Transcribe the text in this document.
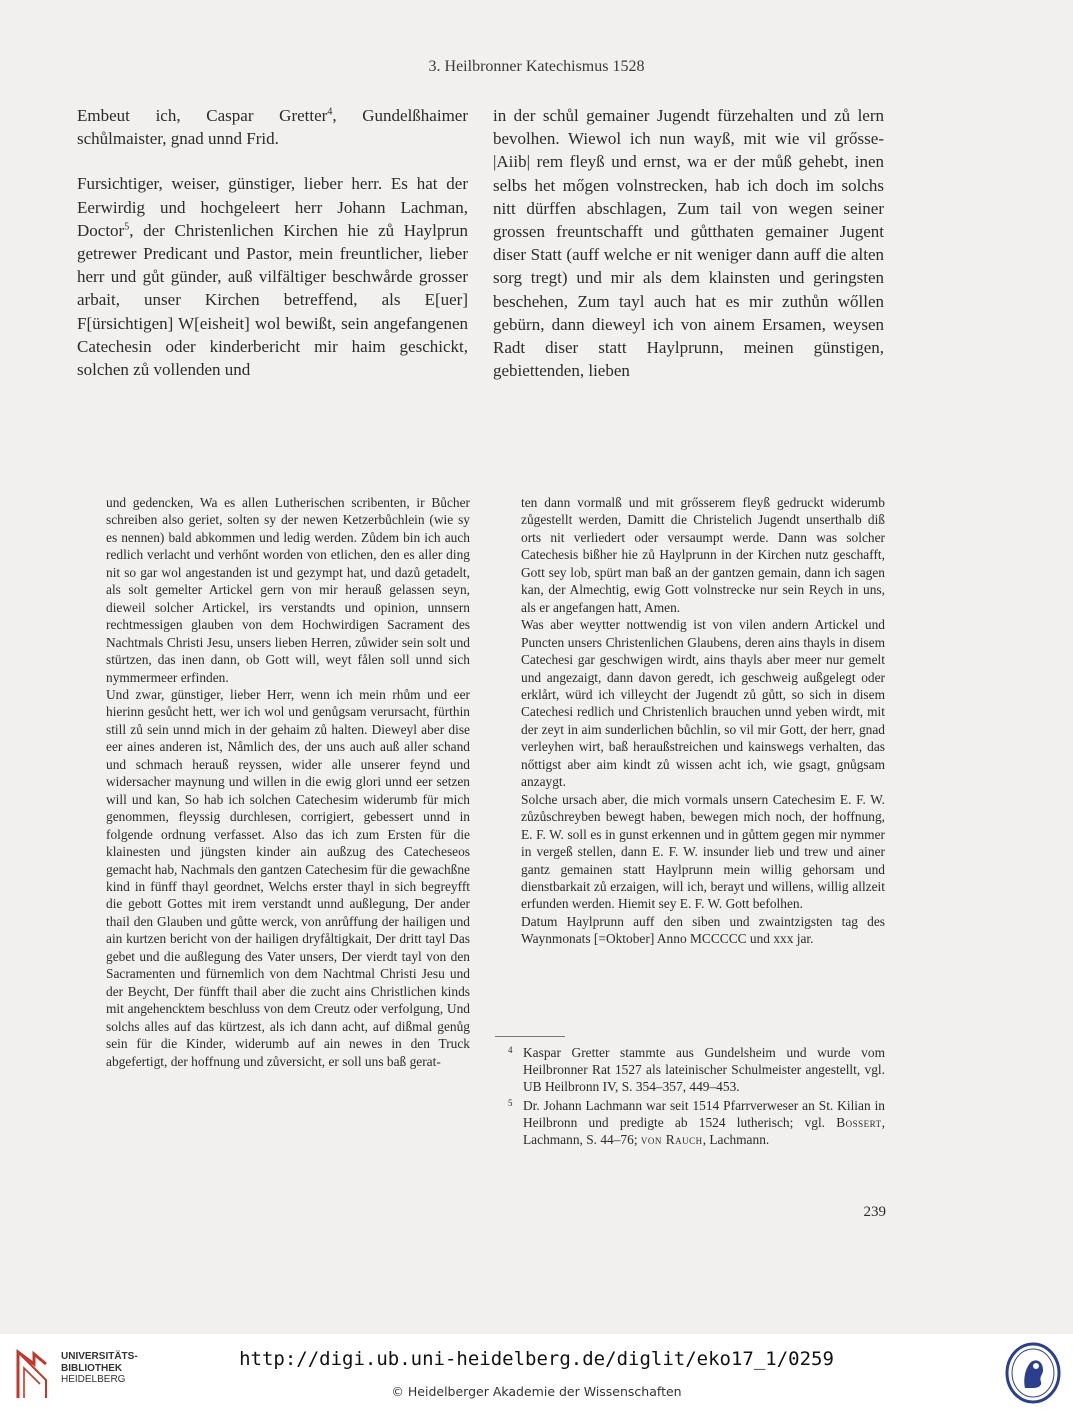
3. Heilbronner Katechismus 1528

Embeut ich, Caspar Gretter$^4$, Gundelßhaimer schůlmaister, gnad unnd Frid.

Fursichtiger, weiser, günstiger, lieber herr. Es hat der Eerwirdig und hochgeleert herr Johann Lachman, Doctor$^5$, der Christenlichen Kirchen hie zů Haylprun getrewer Predicant und Pastor, mein freuntlicher, lieber herr und gůt günder, auß vilfältiger beschwårde grosser arbait, unser Kirchen betreffend, als E[uer] F[ürsichtigen] W[eisheit] wol bewißt, sein angefangenen Catechesin oder kinderbericht mir haim geschickt, solchen zů vollenden und

in der schůl gemainer Jugendt fürzehalten und zů lern bevolhen. Wiewol ich nun wayß, mit wie vil grősse- |Aiib| rem fleyß und ernst, wa er der můß gehebt, inen selbs het mőgen volnstrecken, hab ich doch im solchs nitt dürffen abschlagen, Zum tail von wegen seiner grossen freuntschafft und gůtthaten gemainer Jugent diser Statt (auff welche er nit weniger dann auff die alten sorg tregt) und mir als dem klainsten und geringsten beschehen, Zum tayl auch hat es mir zuthůn wőllen gebürn, dann dieweyl ich von ainem Ersamen, weysen Radt diser statt Haylprunn, meinen günstigen, gebiettenden, lieben

und gedencken, Wa es allen Lutherischen scribenten, ir Bůcher schreiben also geriet, solten sy der newen Ketzerbůchlein (wie sy es nennen) bald abkommen und ledig werden. Zůdem bin ich auch redlich verlacht und verhőnt worden von etlichen, den es aller ding nit so gar wol angestanden ist und gezympt hat, und dazů getadelt, als solt gemelter Artickel gern von mir herauß gelassen seyn, dieweil solcher Artickel, irs verstandts und opinion, unnsern rechtmessigen glauben von dem Hochwirdigen Sacrament des Nachtmals Christi Jesu, unsers lieben Herren, zůwider sein solt und stürtzen, das inen dann, ob Gott will, weyt fålen soll unnd sich nymmermeer erfinden.

Und zwar, günstiger, lieber Herr, wenn ich mein rhům und eer hierinn gesůcht hett, wer ich wol und genůgsam verursacht, fürthin still zů sein unnd mich in der gehaim zů halten. Dieweyl aber dise eer aines anderen ist, Nåmlich des, der uns auch auß aller schand und schmach herauß reyssen, wider alle unserer feynd und widersacher maynung und willen in die ewig glori unnd eer setzen will und kan, So hab ich solchen Catechesim widerumb für mich genommen, fleyssig durchlesen, corrigiert, gebessert unnd in folgende ordnung verfasset. Also das ich zum Ersten für die klainesten und jüngsten kinder ain außzug des Catecheseos gemacht hab, Nachmals den gantzen Catechesim für die gewachßne kind in fünff thayl geordnet, Welchs erster thayl in sich begreyfft die gebott Gottes mit irem verstandt unnd außlegung, Der ander thail den Glauben und gůtte werck, von anrůffung der hailigen und ain kurtzen bericht von der hailigen dryfåltigkait, Der dritt tayl Das gebet und die außlegung des Vater unsers, Der vierdt tayl von den Sacramenten und fürnemlich von dem Nachtmal Christi Jesu und der Beycht, Der fünfft thail aber die zucht ains Christlichen kinds mit angehencktem beschluss von dem Creutz oder verfolgung, Und solchs alles auf das kürtzest, als ich dann acht, auf dißmal genůg sein für die Kinder, widerumb auf ain newes in den Truck abgefertigt, der hoffnung und zůversicht, er soll uns baß gerat-

ten dann vormalß und mit grősserem fleyß gedruckt widerumb zůgestellt werden, Damitt die Christelich Jugendt unserthalb diß orts nit verliedert oder versaumpt werde. Dann was solcher Catechesis bißher hie zů Haylprunn in der Kirchen nutz geschafft, Gott sey lob, spürt man baß an der gantzen gemain, dann ich sagen kan, der Almechtig, ewig Gott volnstrecke nur sein Reych in uns, als er angefangen hatt, Amen.

Was aber weytter nottwendig ist von vilen andern Artickel und Puncten unsers Christenlichen Glaubens, deren ains thayls in disem Catechesi gar geschwigen wirdt, ains thayls aber meer nur gemelt und angezaigt, dann davon geredt, ich geschweig außgelegt oder erklårt, würd ich villeycht der Jugendt zů gůtt, so sich in disem Catechesi redlich und Christenlich brauchen unnd yeben wirdt, mit der zeyt in aim sunderlichen bůchlin, so vil mir Gott, der herr, gnad verleyhen wirt, baß heraußstreichen und kainswegs verhalten, das nőttigst aber aim kindt zů wissen acht ich, wie gsagt, gnůgsam anzaygt.

Solche ursach aber, die mich vormals unsern Catechesim E. F. W. zůzůschreyben bewegt haben, bewegen mich noch, der hoffnung, E. F. W. soll es in gunst erkennen und in gůttem gegen mir nymmer in vergeß stellen, dann E. F. W. insunder lieb und trew und ainer gantz gemainen statt Haylprunn mein willig gehorsam und dienstbarkait zů erzaigen, will ich, berayt und willens, willig allzeit erfunden werden. Hiemit sey E. F. W. Gott befolhen.

Datum Haylprunn auff den siben und zwaintzigsten tag des Waynmonats [=Oktober] Anno MCCCCC und xxx jar.

4 Kaspar Gretter stammte aus Gundelsheim und wurde vom Heilbronner Rat 1527 als lateinischer Schulmeister angestellt, vgl. UB Heilbronn IV, S. 354–357, 449–453.
5 Dr. Johann Lachmann war seit 1514 Pfarrverweser an St. Kilian in Heilbronn und predigte ab 1524 lutherisch; vgl. Bossert, Lachmann, S. 44–76; von Rauch, Lachmann.
239
UNIVERSITÄTS-
BIBLIOTHEK
HEIDELBERG
http://digi.ub.uni-heidelberg.de/diglit/eko17_1/0259
© Heidelberger Akademie der Wissenschaften
